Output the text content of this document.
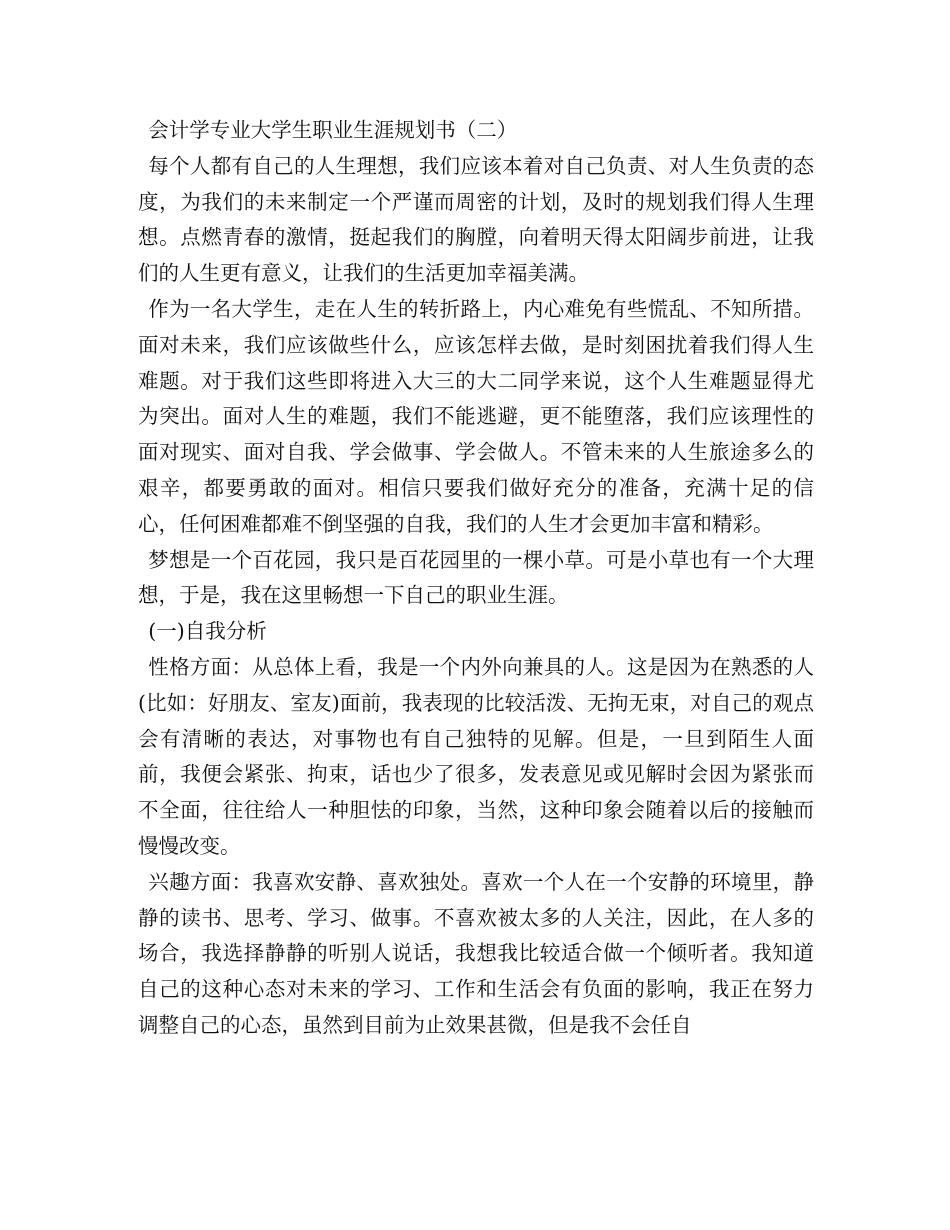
会计学专业大学生职业生涯规划书（二）

每个人都有自己的人生理想，我们应该本着对自己负责、对人生负责的态度，为我们的未来制定一个严谨而周密的计划，及时的规划我们得人生理想。点燃青春的激情，挺起我们的胸膛，向着明天得太阳阔步前进，让我们的人生更有意义，让我们的生活更加幸福美满。

作为一名大学生，走在人生的转折路上，内心难免有些慌乱、不知所措。面对未来，我们应该做些什么，应该怎样去做，是时刻困扰着我们得人生难题。对于我们这些即将进入大三的大二同学来说，这个人生难题显得尤为突出。面对人生的难题，我们不能逃避，更不能堕落，我们应该理性的面对现实、面对自我、学会做事、学会做人。不管未来的人生旅途多么的艰辛，都要勇敢的面对。相信只要我们做好充分的准备，充满十足的信心，任何困难都难不倒坚强的自我，我们的人生才会更加丰富和精彩。

梦想是一个百花园，我只是百花园里的一棵小草。可是小草也有一个大理想，于是，我在这里畅想一下自己的职业生涯。

(一)自我分析

性格方面：从总体上看，我是一个内外向兼具的人。这是因为在熟悉的人(比如：好朋友、室友)面前，我表现的比较活泼、无拘无束，对自己的观点会有清晰的表达，对事物也有自己独特的见解。但是，一旦到陌生人面前，我便会紧张、拘束，话也少了很多，发表意见或见解时会因为紧张而不全面，往往给人一种胆怯的印象，当然，这种印象会随着以后的接触而慢慢改变。

兴趣方面：我喜欢安静、喜欢独处。喜欢一个人在一个安静的环境里，静静的读书、思考、学习、做事。不喜欢被太多的人关注，因此，在人多的场合，我选择静静的听别人说话，我想我比较适合做一个倾听者。我知道自己的这种心态对未来的学习、工作和生活会有负面的影响，我正在努力调整自己的心态，虽然到目前为止效果甚微，但是我不会任自
